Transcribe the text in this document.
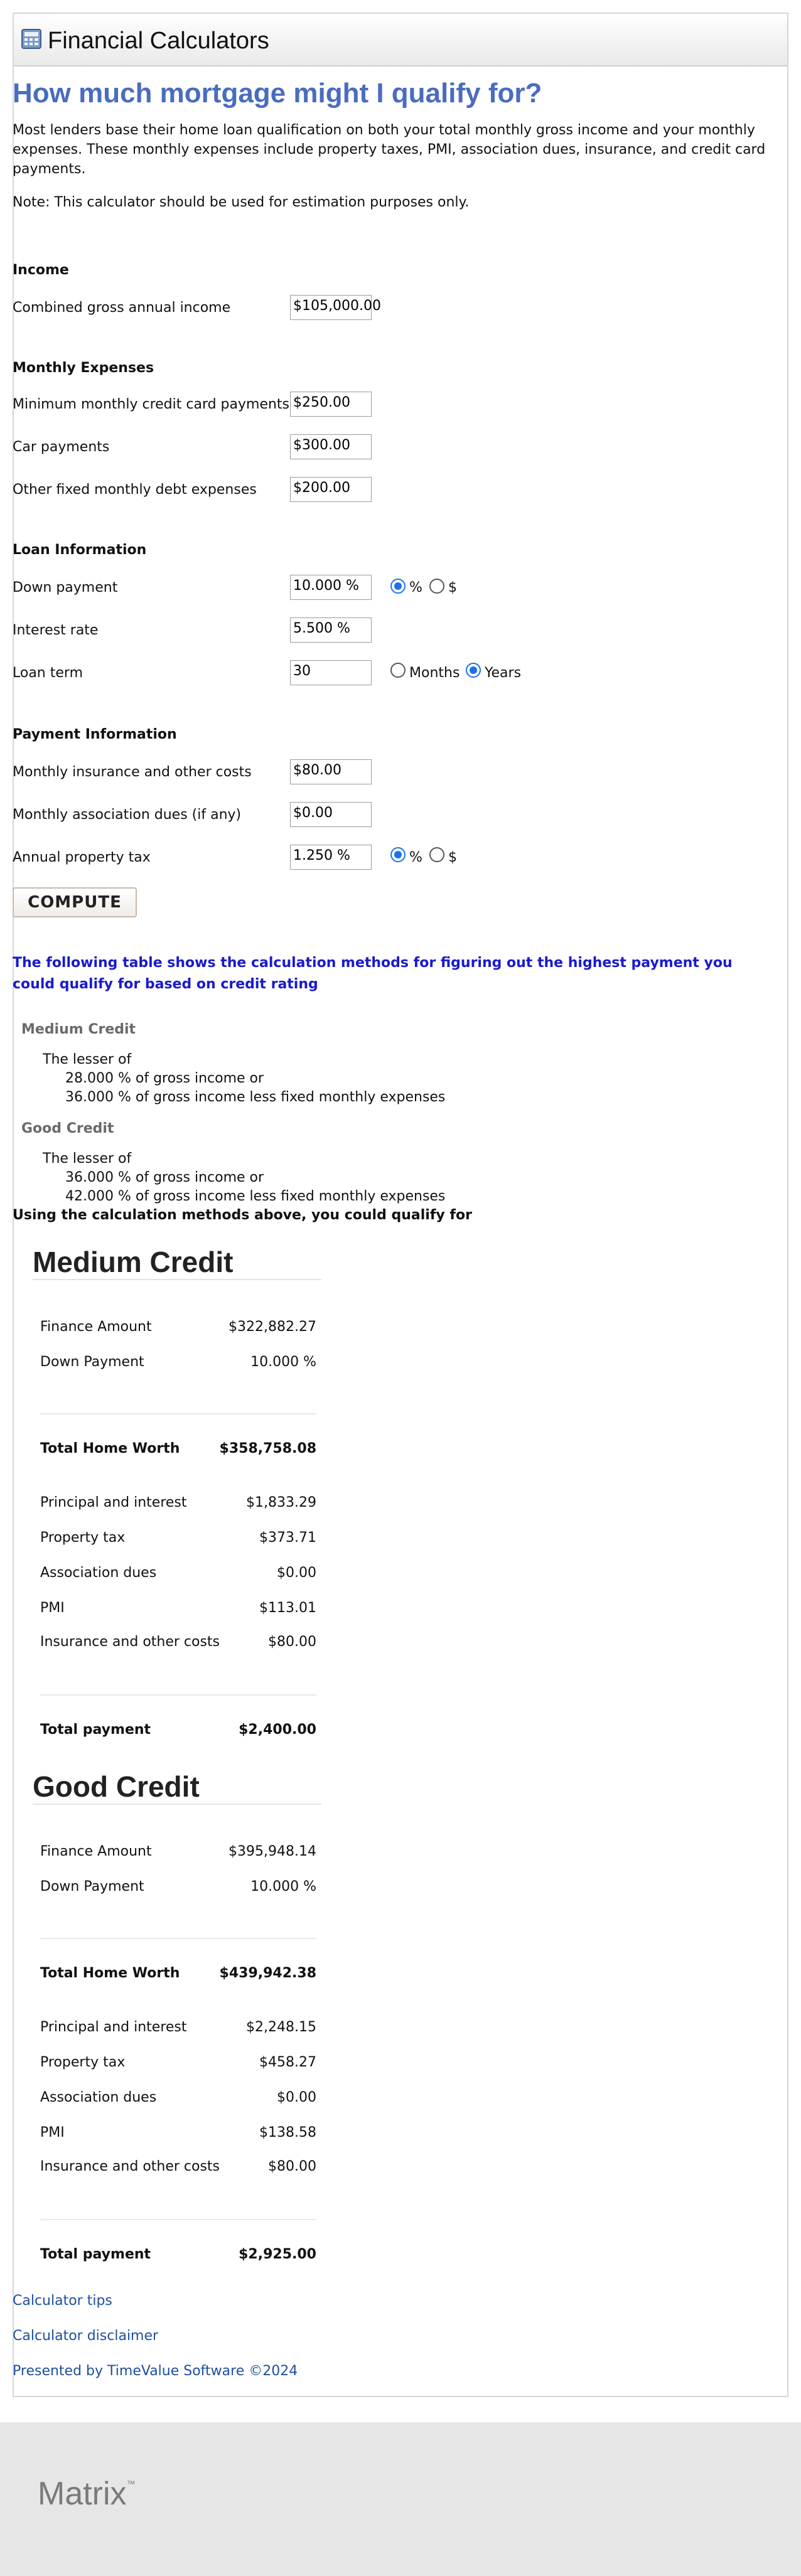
Financial Calculators
How much mortgage might I qualify for?
Most lenders base their home loan qualification on both your total monthly gross income and your monthly expenses. These monthly expenses include property taxes, PMI, association dues, insurance, and credit card payments.
Note: This calculator should be used for estimation purposes only.
Income
Combined gross annual income	$105,000.00
Monthly Expenses
Minimum monthly credit card payments $250.00
Car payments	$300.00
Other fixed monthly debt expenses	$200.00
Loan Information
Down payment	10.000 %	% $
Interest rate	5.500 %
Loan term	30	Months Years
Payment Information
Monthly insurance and other costs	$80.00
Monthly association dues (if any)	$0.00
Annual property tax	1.250 %	% $
COMPUTE
The following table shows the calculation methods for figuring out the highest payment you could qualify for based on credit rating
Medium Credit
The lesser of
28.000 % of gross income or
36.000 % of gross income less fixed monthly expenses
Good Credit
The lesser of
36.000 % of gross income or
42.000 % of gross income less fixed monthly expenses
Using the calculation methods above, you could qualify for
Medium Credit
Finance Amount	$322,882.27
Down Payment	10.000 %
Total Home Worth	$358,758.08
Principal and interest	$1,833.29
Property tax	$373.71
Association dues	$0.00
PMI	$113.01
Insurance and other costs	$80.00
Total payment	$2,400.00
Good Credit
Finance Amount	$395,948.14
Down Payment	10.000 %
Total Home Worth	$439,942.38
Principal and interest	$2,248.15
Property tax	$458.27
Association dues	$0.00
PMI	$138.58
Insurance and other costs	$80.00
Total payment	$2,925.00
Calculator tips
Calculator disclaimer
Presented by TimeValue Software ©2024
Matrix™
